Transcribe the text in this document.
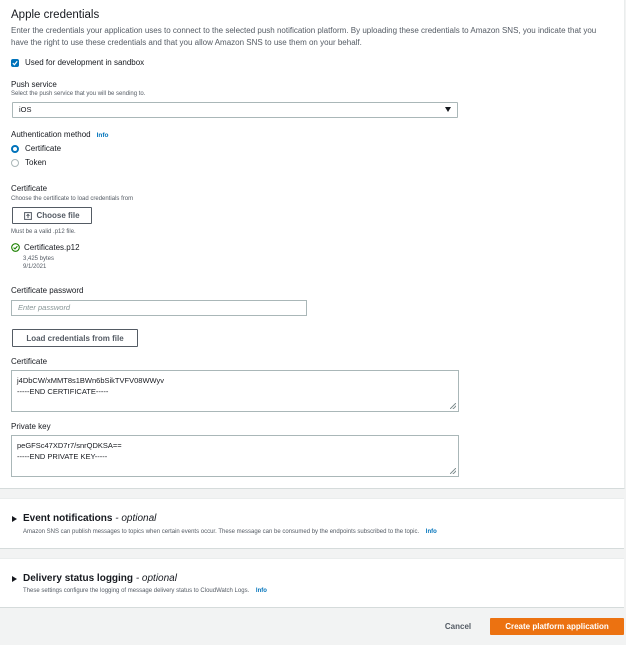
Apple credentials
Enter the credentials your application uses to connect to the selected push notification platform. By uploading these credentials to Amazon SNS, you indicate that you have the right to use these credentials and that you allow Amazon SNS to use them on your behalf.
Used for development in sandbox
Push service
Select the push service that you will be sending to.
iOS
Authentication method Info
Certificate
Token
Certificate
Choose the certificate to load credentials from
Choose file
Must be a valid .p12 file.
Certificates.p12
3,425 bytes
9/1/2021
Certificate password
Enter password
Load credentials from file
Certificate
j4DbCW/xMMT8s1BWn6bSikTVFV08WWyv
-----END CERTIFICATE-----
Private key
peGFSc47XD7r7/snrQDKSA==
-----END PRIVATE KEY-----
Event notifications - optional
Amazon SNS can publish messages to topics when certain events occur. These message can be consumed by the endpoints subscribed to the topic. Info
Delivery status logging - optional
These settings configure the logging of message delivery status to CloudWatch Logs. Info
Cancel	Create platform application
